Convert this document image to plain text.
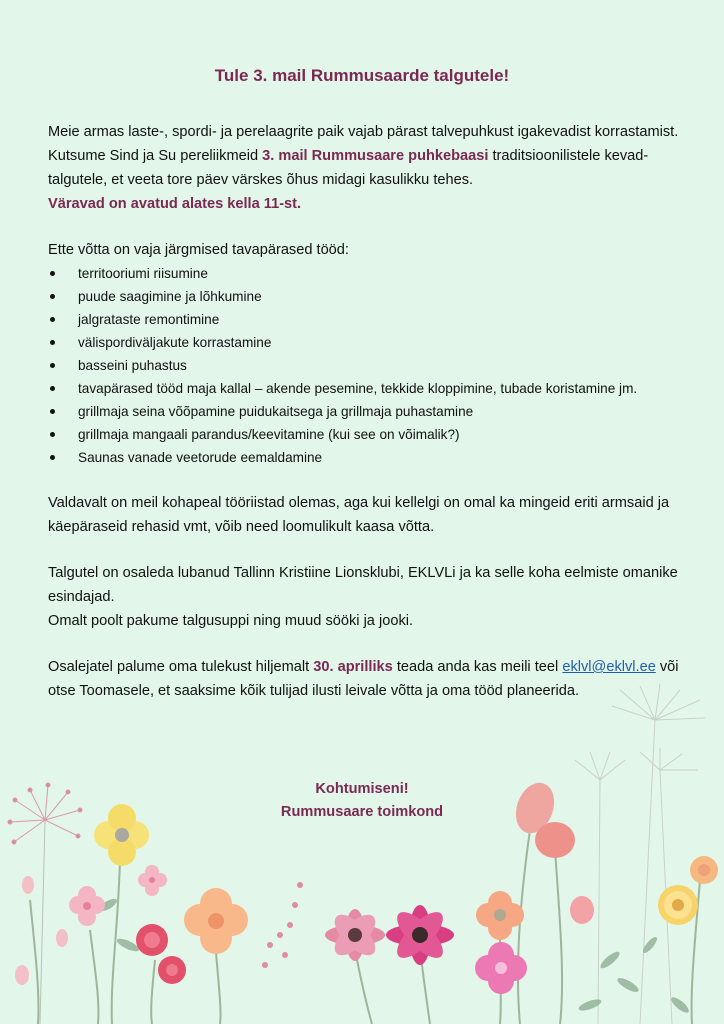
Tule 3. mail Rummusaarde talgutele!

Meie armas laste-, spordi- ja perelaagrite paik vajab pärast talvepuhkust igakevadist korrastamist.
Kutsume Sind ja Su pereliikmeid 3. mail Rummusaare puhkebaasi traditsioonilistele kevadtalgutele, et veeta tore päev värskes õhus midagi kasulikku tehes.
Väravad on avatud alates kella 11-st.

Ette võtta on vaja järgmised tavapärased tööd:

territooriumi riisumine
puude saagimine ja lõhkumine
jalgrataste remontimine
välispordiväljakute korrastamine
basseini puhastus
tavapärased tööd maja kallal – akende pesemine, tekkide kloppimine, tubade koristamine jm.
grillmaja seina võõpamine puidukaitsega ja grillmaja puhastamine
grillmaja mangaali parandus/keevitamine (kui see on võimalik?)
Saunas vanade veetorude eemaldamine

Valdavalt on meil kohapeal tööriistad olemas, aga kui kellelgi on omal ka mingeid eriti armsaid ja käepäraseid rehasid vmt, võib need loomulikult kaasa võtta.

Talgutel on osaleda lubanud Tallinn Kristiine Lionsklubi, EKLVLi ja ka selle koha eelmiste omanike esindajad.
Omalt poolt pakume talgusuppi ning muud sööki ja jooki.

Osalejatel palume oma tulekust hiljemalt 30. aprilliks teada anda kas meili teel eklvl@eklvl.ee või otse Toomasele, et saaksime kõik tulijad ilusti leivale võtta ja oma tööd planeerida.

Kohtumiseni!
Rummusaare toimkond
